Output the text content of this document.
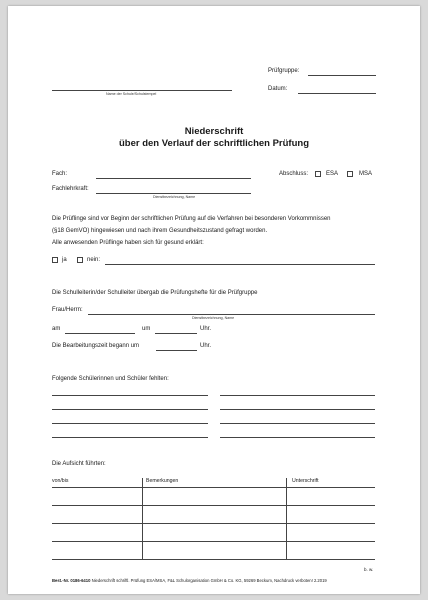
Prüfgruppe:
Datum:
Name der Schule/Schulstempel
Niederschrift
über den Verlauf der schriftlichen Prüfung
Fach:	Abschluss:	ESA	MSA
Fachlehrkraft:
Dienstbezeichnung, Name
Die Prüflinge sind vor Beginn der schriftlichen Prüfung auf die Verfahren bei besonderen Vorkommnissen
(§18 GemVO) hingewiesen und nach ihrem Gesundheitszustand gefragt worden.
Alle anwesenden Prüflinge haben sich für gesund erklärt:
ja	nein:
Die Schulleiterin/der Schulleiter übergab die Prüfungshefte für die Prüfgruppe
Frau/Herrn:
Dienstbezeichnung, Name
am	um	Uhr.
Die Bearbeitungszeit begann um	Uhr.
Folgende Schülerinnen und Schüler fehlten:
Die Aufsicht führten:
von/bis	Bemerkungen	Unterschrift
b. w.
Best.-Nr. 0186-6410 Niederschrift schriftl. Prüfung ESA/MSA, F&L Schulorganisation GmbH & Co. KG, 59269 Beckum, Nachdruck verboten! 2.2019
